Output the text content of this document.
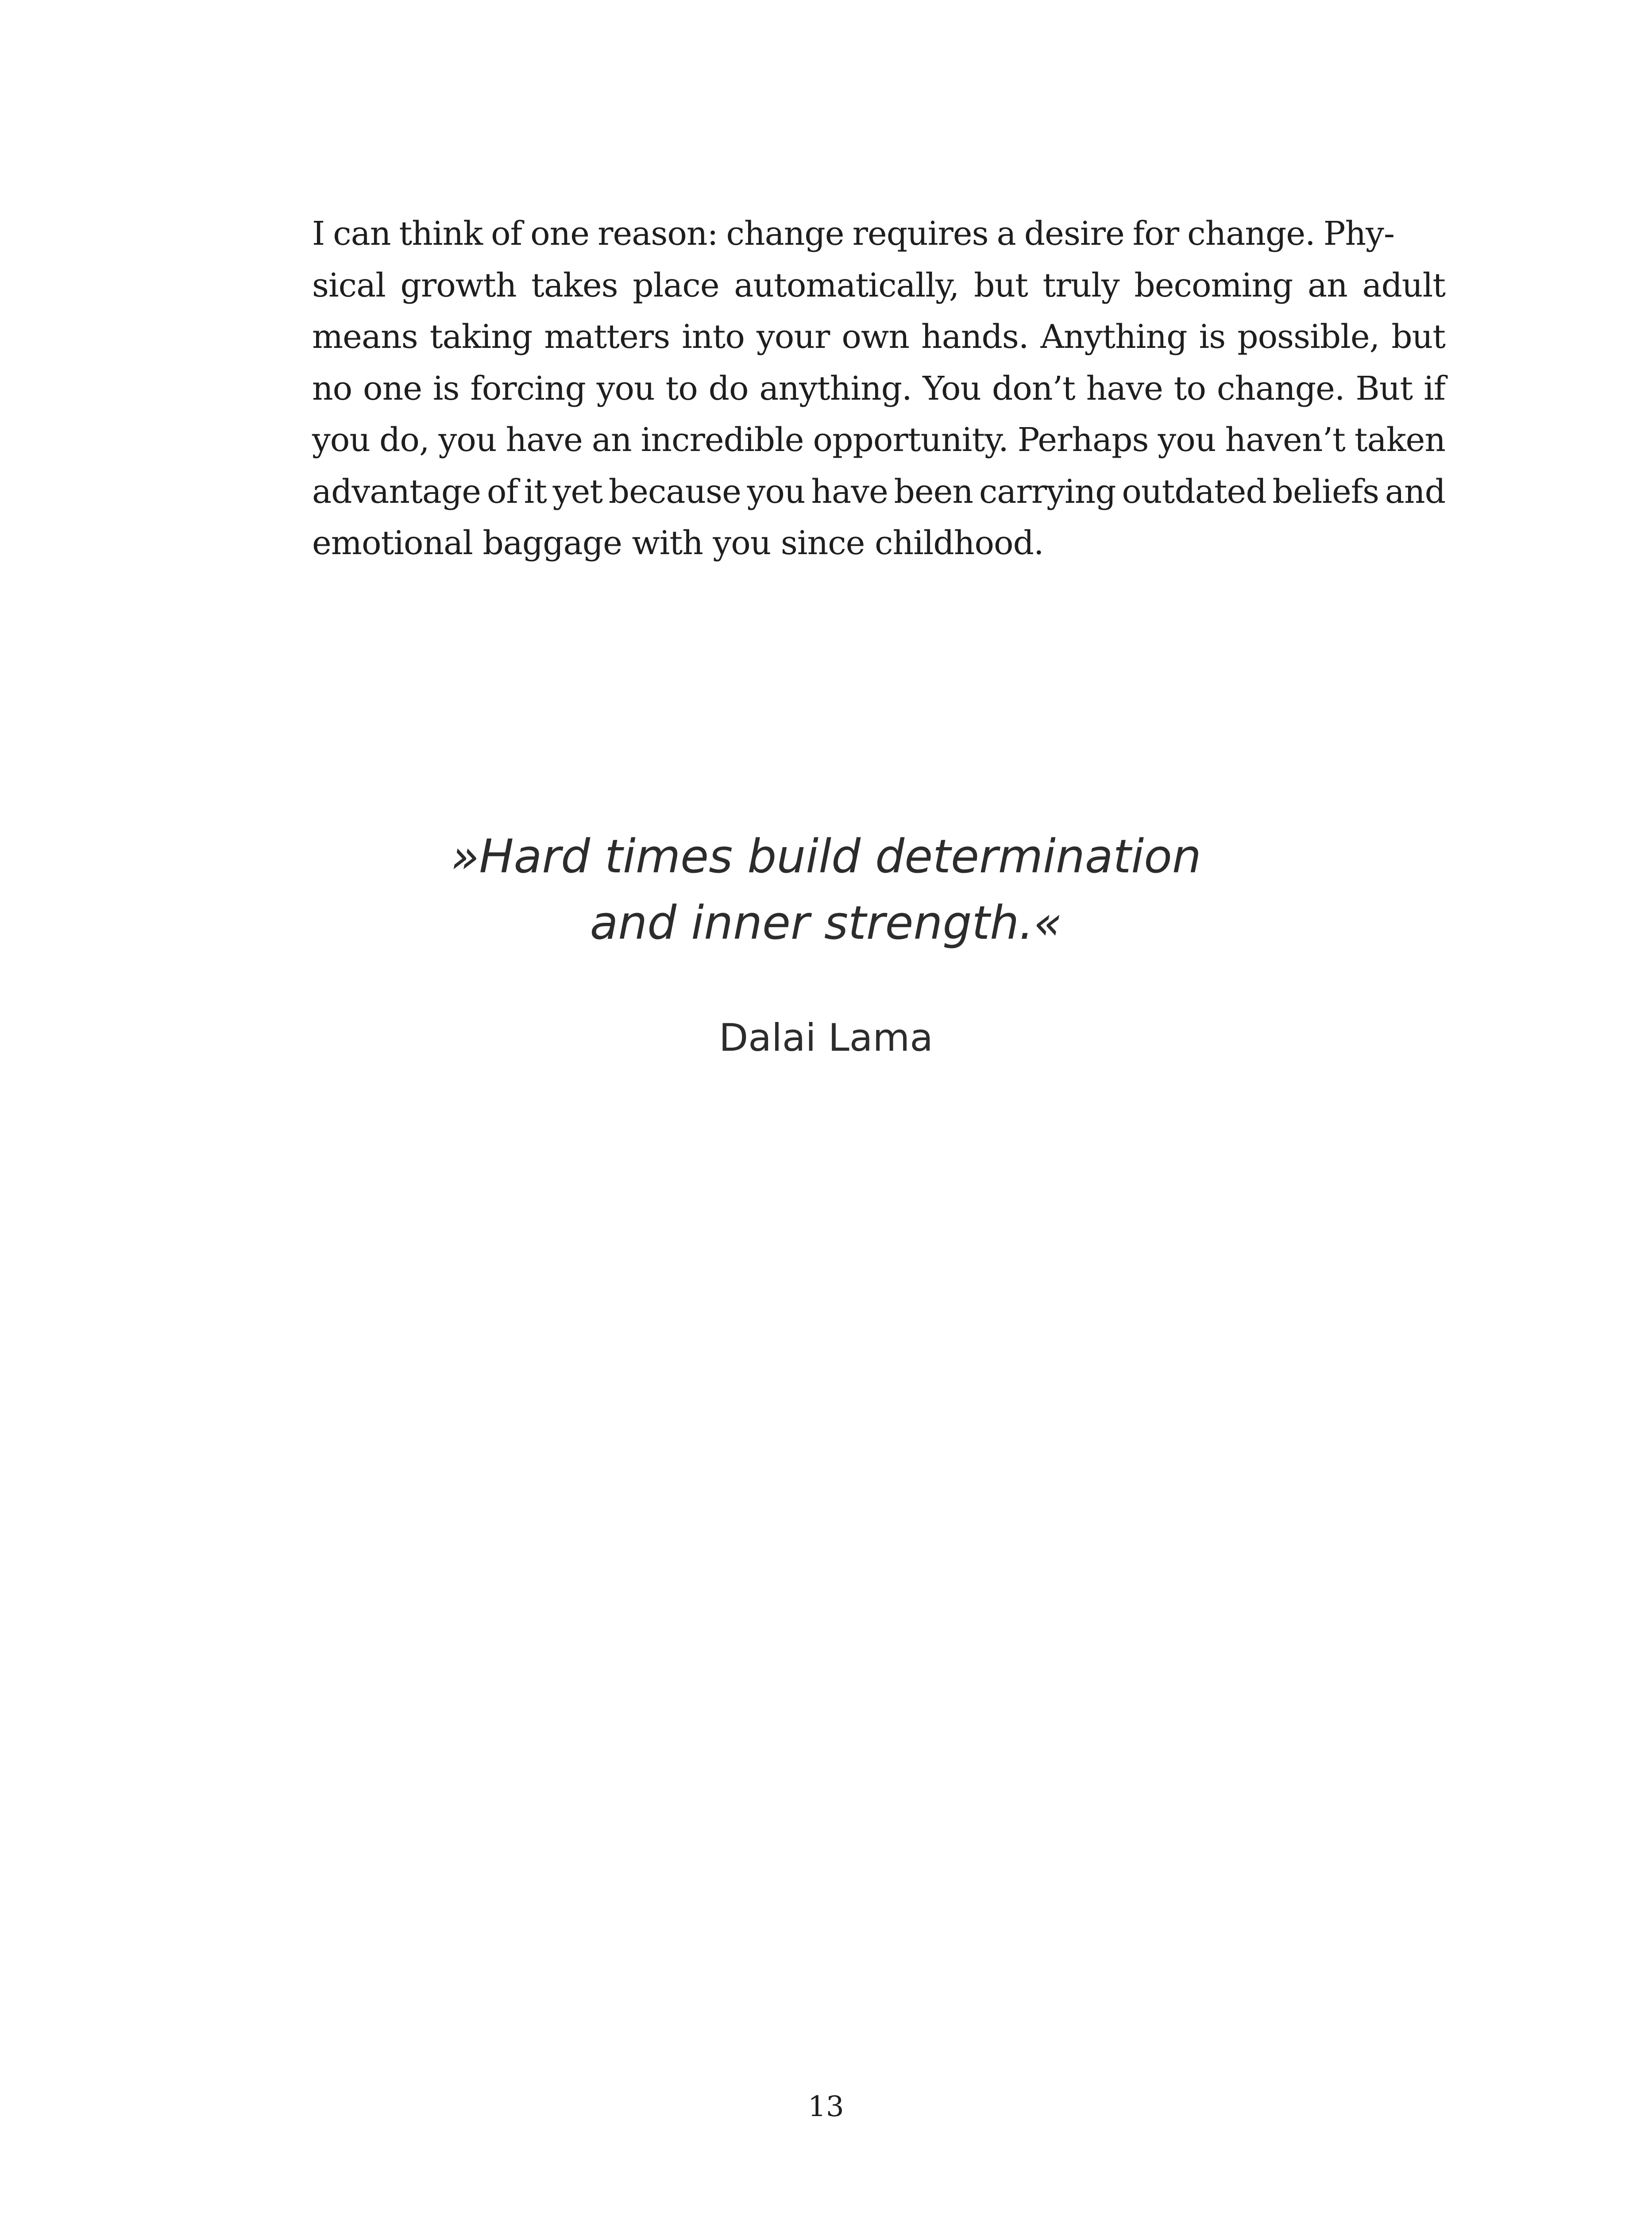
I can think of one reason: change requires a desire for change. Phy-
sical growth takes place automatically, but truly becoming an adult
means taking matters into your own hands. Anything is possible, but
no one is forcing you to do anything. You don’t have to change. But if
you do, you have an incredible opportunity. Perhaps you haven’t taken
advantage of it yet because you have been carrying outdated beliefs and
emotional baggage with you since childhood.

»Hard times build determination
and inner strength.«

Dalai Lama

13
